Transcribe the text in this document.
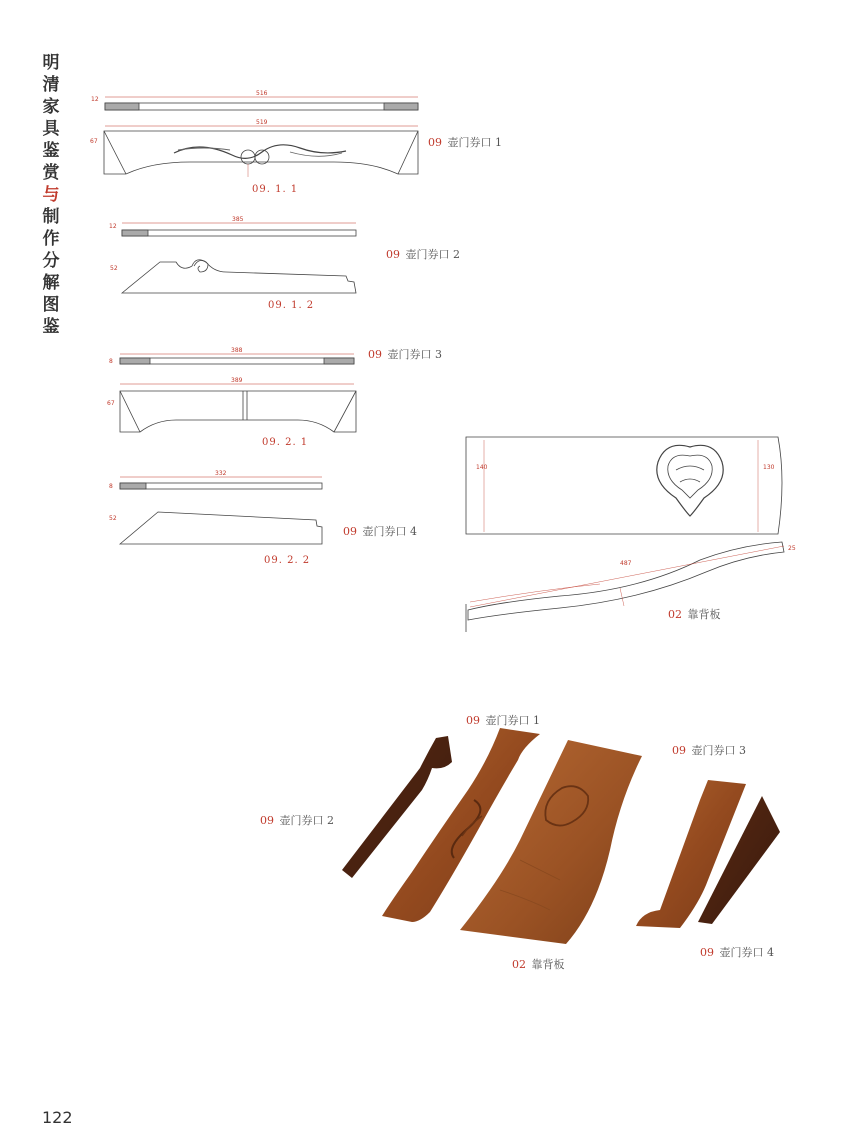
明
清
家
具
鉴
赏
与
制
作
分
解
图
鉴
09 壶门券口 1
09. 1. 1
516
519
12
67
09 壶门券口 2
09. 1. 2
385
12
52
09 壶门券口 3
09. 2. 1
388
389
8
67
09 壶门券口 4
09. 2. 2
332
8
52
02 靠背板
140	130
487
25
09 壶门券口 1
09 壶门券口 2
09 壶门券口 3
09 壶门券口 4
02 靠背板
122
